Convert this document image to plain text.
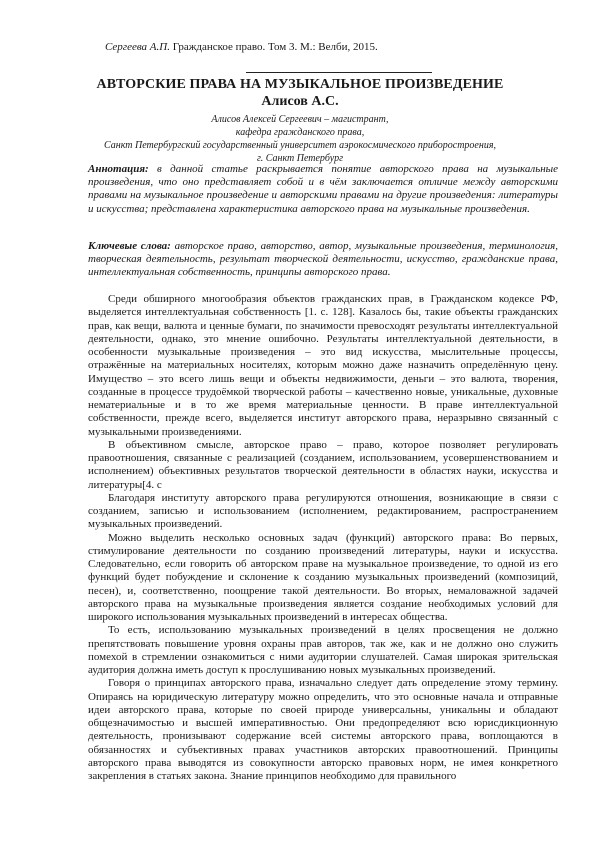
Сергеева А.П. Гражданское право. Том 3. М.: Велби, 2015.
АВТОРСКИЕ ПРАВА НА МУЗЫКАЛЬНОЕ ПРОИЗВЕДЕНИЕ
Алисов А.С.
Алисов Алексей Сергеевич – магистрант,
кафедра гражданского права,
Санкт Петербургский государственный университет аэрокосмического приборостроения,
г. Санкт Петербург
Аннотация: в данной статье раскрывается понятие авторского права на музыкальные произведения, что оно представляет собой и в чём заключается отличие между авторскими правами на музыкальное произведение и авторскими правами на другие произведения: литературы и искусства; представлена характеристика авторского права на музыкальные произведения.
Ключевые слова: авторское право, авторство, автор, музыкальные произведения, терминология, творческая деятельность, результат творческой деятельности, искусство, гражданские права, интеллектуальная собственность, принципы авторского права.

Среди обширного многообразия объектов гражданских прав, в Гражданском кодексе РФ, выделяется интеллектуальная собственность [1. с. 128]. Казалось бы, такие объекты гражданских прав, как вещи, валюта и ценные бумаги, по значимости превосходят результаты интеллектуальной деятельности, однако, это мнение ошибочно. Результаты интеллектуальной деятельности, в особенности музыкальные произведения – это вид искусства, мыслительные процессы, отражённые на материальных носителях, которым можно даже назначить определённую цену. Имущество – это всего лишь вещи и объекты недвижимости, деньги – это валюта, творения, созданные в процессе трудоёмкой творческой работы – качественно новые, уникальные, духовные нематериальные и в то же время материальные ценности. В праве интеллектуальной собственности, прежде всего, выделяется институт авторского права, неразрывно связанный с музыкальными произведениями.

В объективном смысле, авторское право – право, которое позволяет регулировать правоотношения, связанные с реализацией (созданием, использованием, усовершенствованием и исполнением) объективных результатов творческой деятельности в областях науки, искусства и литературы[4. с

Благодаря институту авторского права регулируются отношения, возникающие в связи с созданием, записью и использованием (исполнением, редактированием, распространением музыкальных произведений.

Можно выделить несколько основных задач (функций) авторского права: Во первых, стимулирование деятельности по созданию произведений литературы, науки и искусства. Следовательно, если говорить об авторском праве на музыкальное произведение, то одной из его функций будет побуждение и склонение к созданию музыкальных произведений (композиций, песен), и, соответственно, поощрение такой деятельности. Во вторых, немаловажной задачей авторского права на музыкальные произведения является создание необходимых условий для широкого использования музыкальных произведений в интересах общества.

То есть, использованию музыкальных произведений в целях просвещения не должно препятствовать повышение уровня охраны прав авторов, так же, как и не должно оно служить помехой в стремлении ознакомиться с ними аудитории слушателей. Самая широкая зрительская аудитория должна иметь доступ к прослушиванию новых музыкальных произведений.

Говоря о принципах авторского права, изначально следует дать определение этому термину. Опираясь на юридическую литературу можно определить, что это основные начала и отправные идеи авторского права, которые по своей природе универсальны, уникальны и обладают общезначимостью и высшей императивностью. Они предопределяют всю юрисдикционную деятельность, пронизывают содержание всей системы авторского права, воплощаются в обязанностях и субъективных правах участников авторских правоотношений. Принципы авторского права выводятся из совокупности авторско правовых норм, не имея конкретного закрепления в статьях закона. Знание принципов необходимо для правильного
